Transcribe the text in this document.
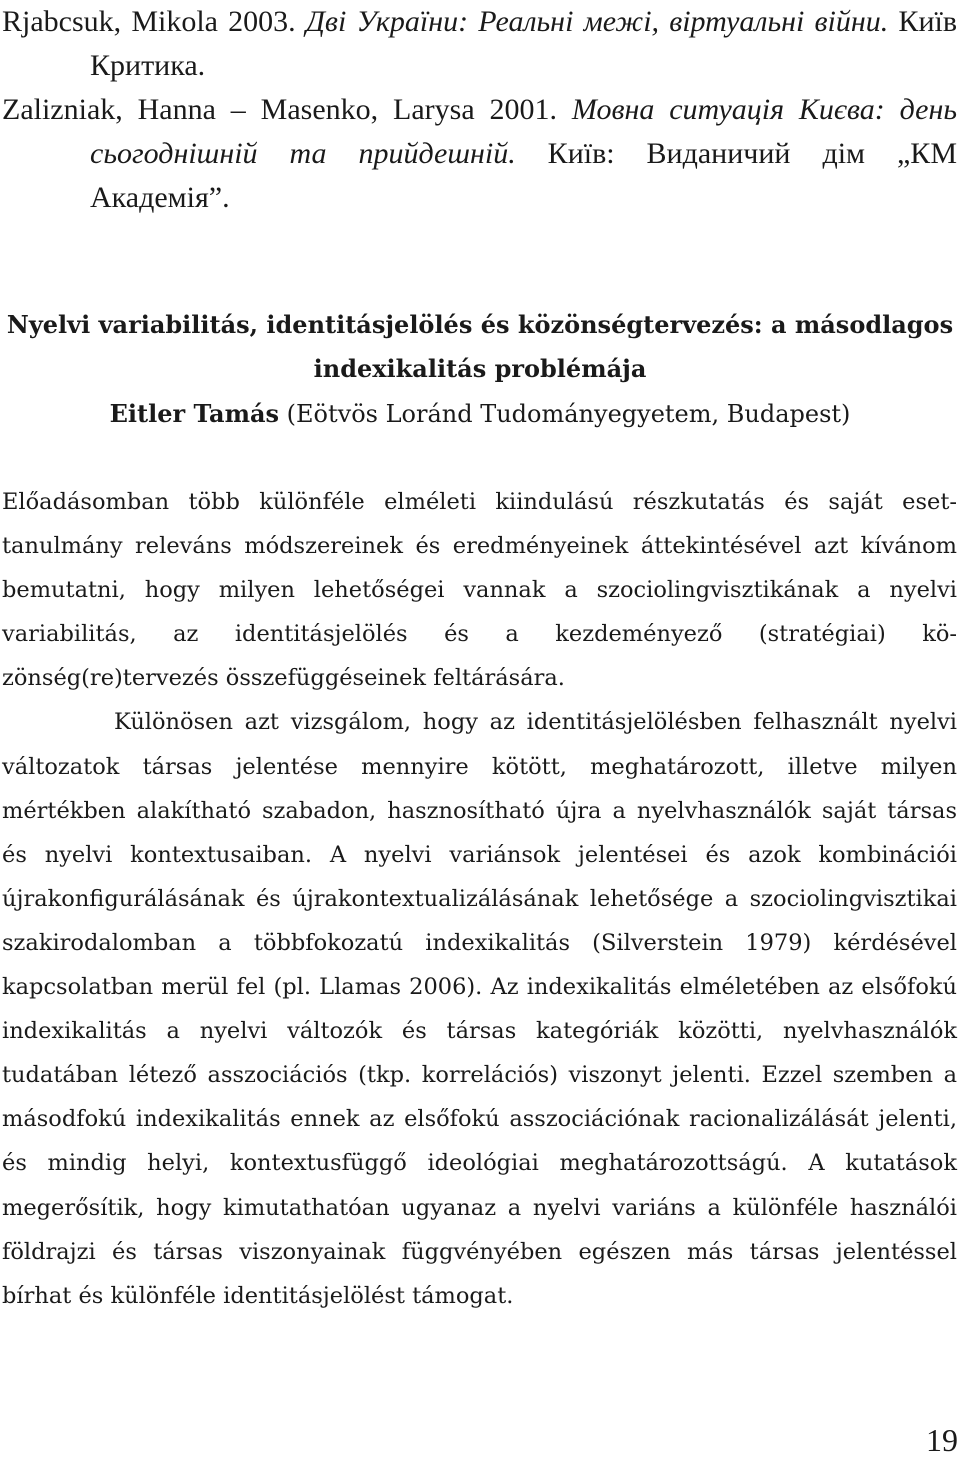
Rjabcsuk, Mikola 2003. Дві України: Реальні межі, віртуальні війни. Київ Критика.

Zalizniak, Hanna – Masenko, Larysa 2001. Мовна ситуація Києва: день сьогоднішній та прийдешній. Київ: Виданичий дім „КМ Академія”.

Nyelvi variabilitás, identitásjelölés és közönségtervezés: a másodlagos

indexikalitás problémája

Eitler Tamás (Eötvös Loránd Tudományegyetem, Budapest)

Előadásomban több különféle elméleti kiindulású részkutatás és saját esettanulmány releváns módszereinek és eredményeinek áttekintésével azt kívánom bemutatni, hogy milyen lehetőségei vannak a szociolingvisztikának a nyelvi variabilitás, az identitásjelölés és a kezdeményező (stratégiai) közönség(re)tervezés összefüggéseinek feltárására.

Különösen azt vizsgálom, hogy az identitásjelölésben felhasznált nyelvi változatok társas jelentése mennyire kötött, meghatározott, illetve milyen mértékben alakítható szabadon, hasznosítható újra a nyelvhasználók saját társas és nyelvi kontextusaiban. A nyelvi variánsok jelentései és azok kombinációi újrakonfigurálásának és újrakontextualizálásának lehetősége a szociolingvisztikai szakirodalomban a többfokozatú indexikalitás (Silverstein 1979) kérdésével kapcsolatban merül fel (pl. Llamas 2006). Az indexikalitás elméletében az elsőfokú indexikalitás a nyelvi változók és társas kategóriák közötti, nyelvhasználók tudatában létező asszociációs (tkp. korrelációs) viszonyt jelenti. Ezzel szemben a másodfokú indexikalitás ennek az elsőfokú asszociációnak racionalizálását jelenti, és mindig helyi, kontextusfüggő ideológiai meghatározottságú. A kutatások megerősítik, hogy kimutathatóan ugyanaz a nyelvi variáns a különféle használói földrajzi és társas viszonyainak függvényében egészen más társas jelentéssel bírhat és különféle identitásjelölést támogat.

19
